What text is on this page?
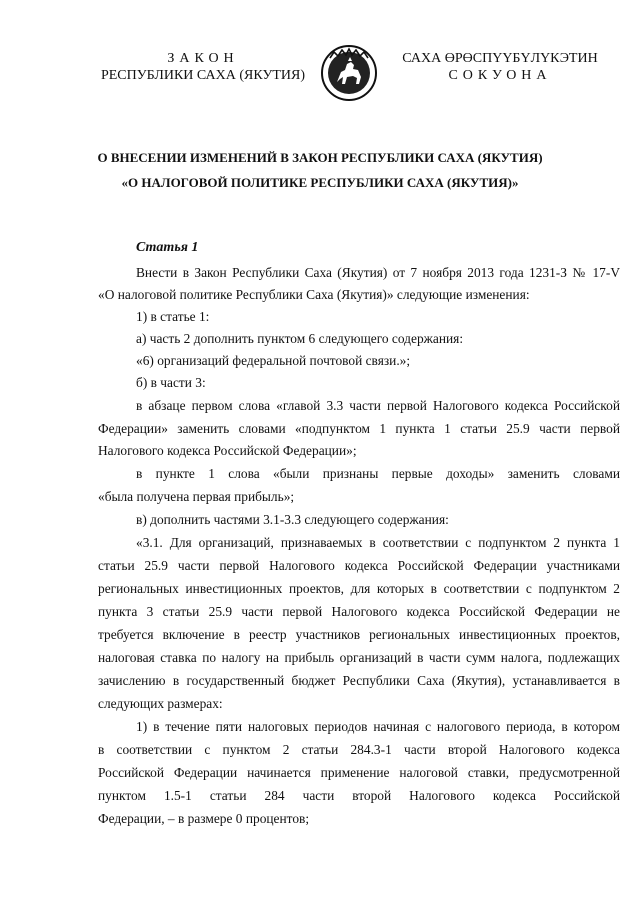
ЗАКОН
РЕСПУБЛИКИ САХА (ЯКУТИЯ)
САХА ӨРӨСПҮҮБҮЛҮКЭТИН
СОКУОНА
О ВНЕСЕНИИ ИЗМЕНЕНИЙ В ЗАКОН РЕСПУБЛИКИ САХА (ЯКУТИЯ)
«О НАЛОГОВОЙ ПОЛИТИКЕ РЕСПУБЛИКИ САХА (ЯКУТИЯ)»
Статья 1
Внести в Закон Республики Саха (Якутия) от 7 ноября 2013 года 1231-З № 17-V
«О налоговой политике Республики Саха (Якутия)» следующие изменения:
1) в статье 1:
а) часть 2 дополнить пунктом 6 следующего содержания:
«6) организаций федеральной почтовой связи.»;
б) в части 3:
в абзаце первом слова «главой 3.3 части первой Налогового кодекса Российской
Федерации» заменить словами «подпунктом 1 пункта 1 статьи 25.9 части первой
Налогового кодекса Российской Федерации»;
в пункте 1 слова «были признаны первые доходы» заменить словами
«была получена первая прибыль»;
в) дополнить частями 3.1-3.3 следующего содержания:
«3.1. Для организаций, признаваемых в соответствии с подпунктом 2 пункта 1
статьи 25.9 части первой Налогового кодекса Российской Федерации участниками
региональных инвестиционных проектов, для которых в соответствии с подпунктом 2
пункта 3 статьи 25.9 части первой Налогового кодекса Российской Федерации не
требуется включение в реестр участников региональных инвестиционных проектов,
налоговая ставка по налогу на прибыль организаций в части сумм налога, подлежащих
зачислению в государственный бюджет Республики Саха (Якутия), устанавливается в
следующих размерах:
1) в течение пяти налоговых периодов начиная с налогового периода, в котором
в соответствии с пунктом 2 статьи 284.3-1 части второй Налогового кодекса
Российской Федерации начинается применение налоговой ставки, предусмотренной
пунктом 1.5-1 статьи 284 части второй Налогового кодекса Российской
Федерации, – в размере 0 процентов;
